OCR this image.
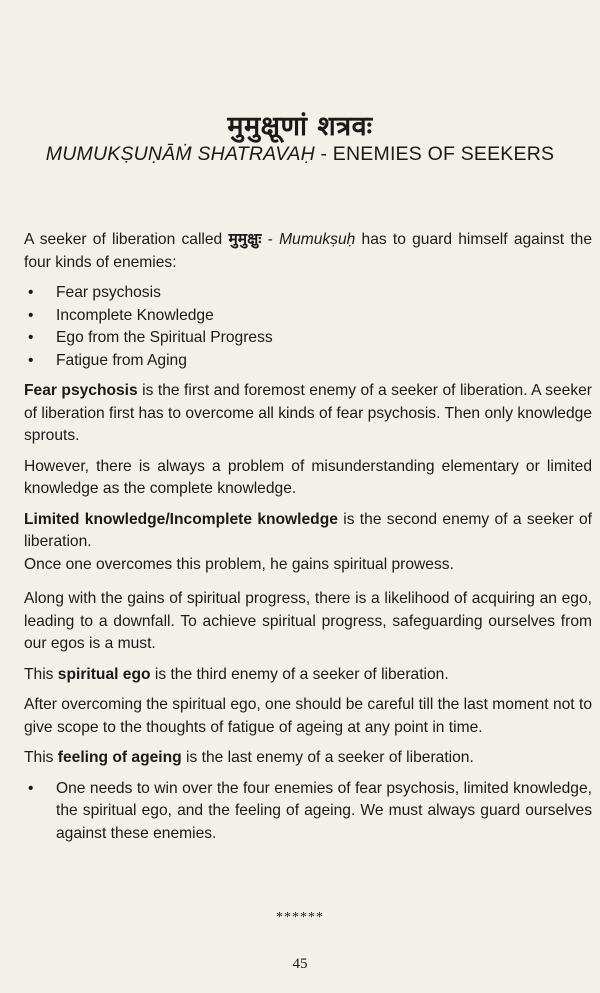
मुमुक्षूणां शत्रवः
MUMUKṢUṆĀṀ SHATRAVAḤ - ENEMIES OF SEEKERS

A seeker of liberation called मुमुक्षुः - Mumukṣuḥ has to guard himself against the four kinds of enemies:

• Fear psychosis
• Incomplete Knowledge
• Ego from the Spiritual Progress
• Fatigue from Aging

Fear psychosis is the first and foremost enemy of a seeker of liberation. A seeker of liberation first has to overcome all kinds of fear psychosis. Then only knowledge sprouts.

However, there is always a problem of misunderstanding elementary or limited knowledge as the complete knowledge.

Limited knowledge/Incomplete knowledge is the second enemy of a seeker of liberation.

Once one overcomes this problem, he gains spiritual prowess.

Along with the gains of spiritual progress, there is a likelihood of acquiring an ego, leading to a downfall. To achieve spiritual progress, safeguarding ourselves from our egos is a must.

This spiritual ego is the third enemy of a seeker of liberation.

After overcoming the spiritual ego, one should be careful till the last moment not to give scope to the thoughts of fatigue of ageing at any point in time.

This feeling of ageing is the last enemy of a seeker of liberation.

• One needs to win over the four enemies of fear psychosis, limited knowledge, the spiritual ego, and the feeling of ageing. We must always guard ourselves against these enemies.
******
45
